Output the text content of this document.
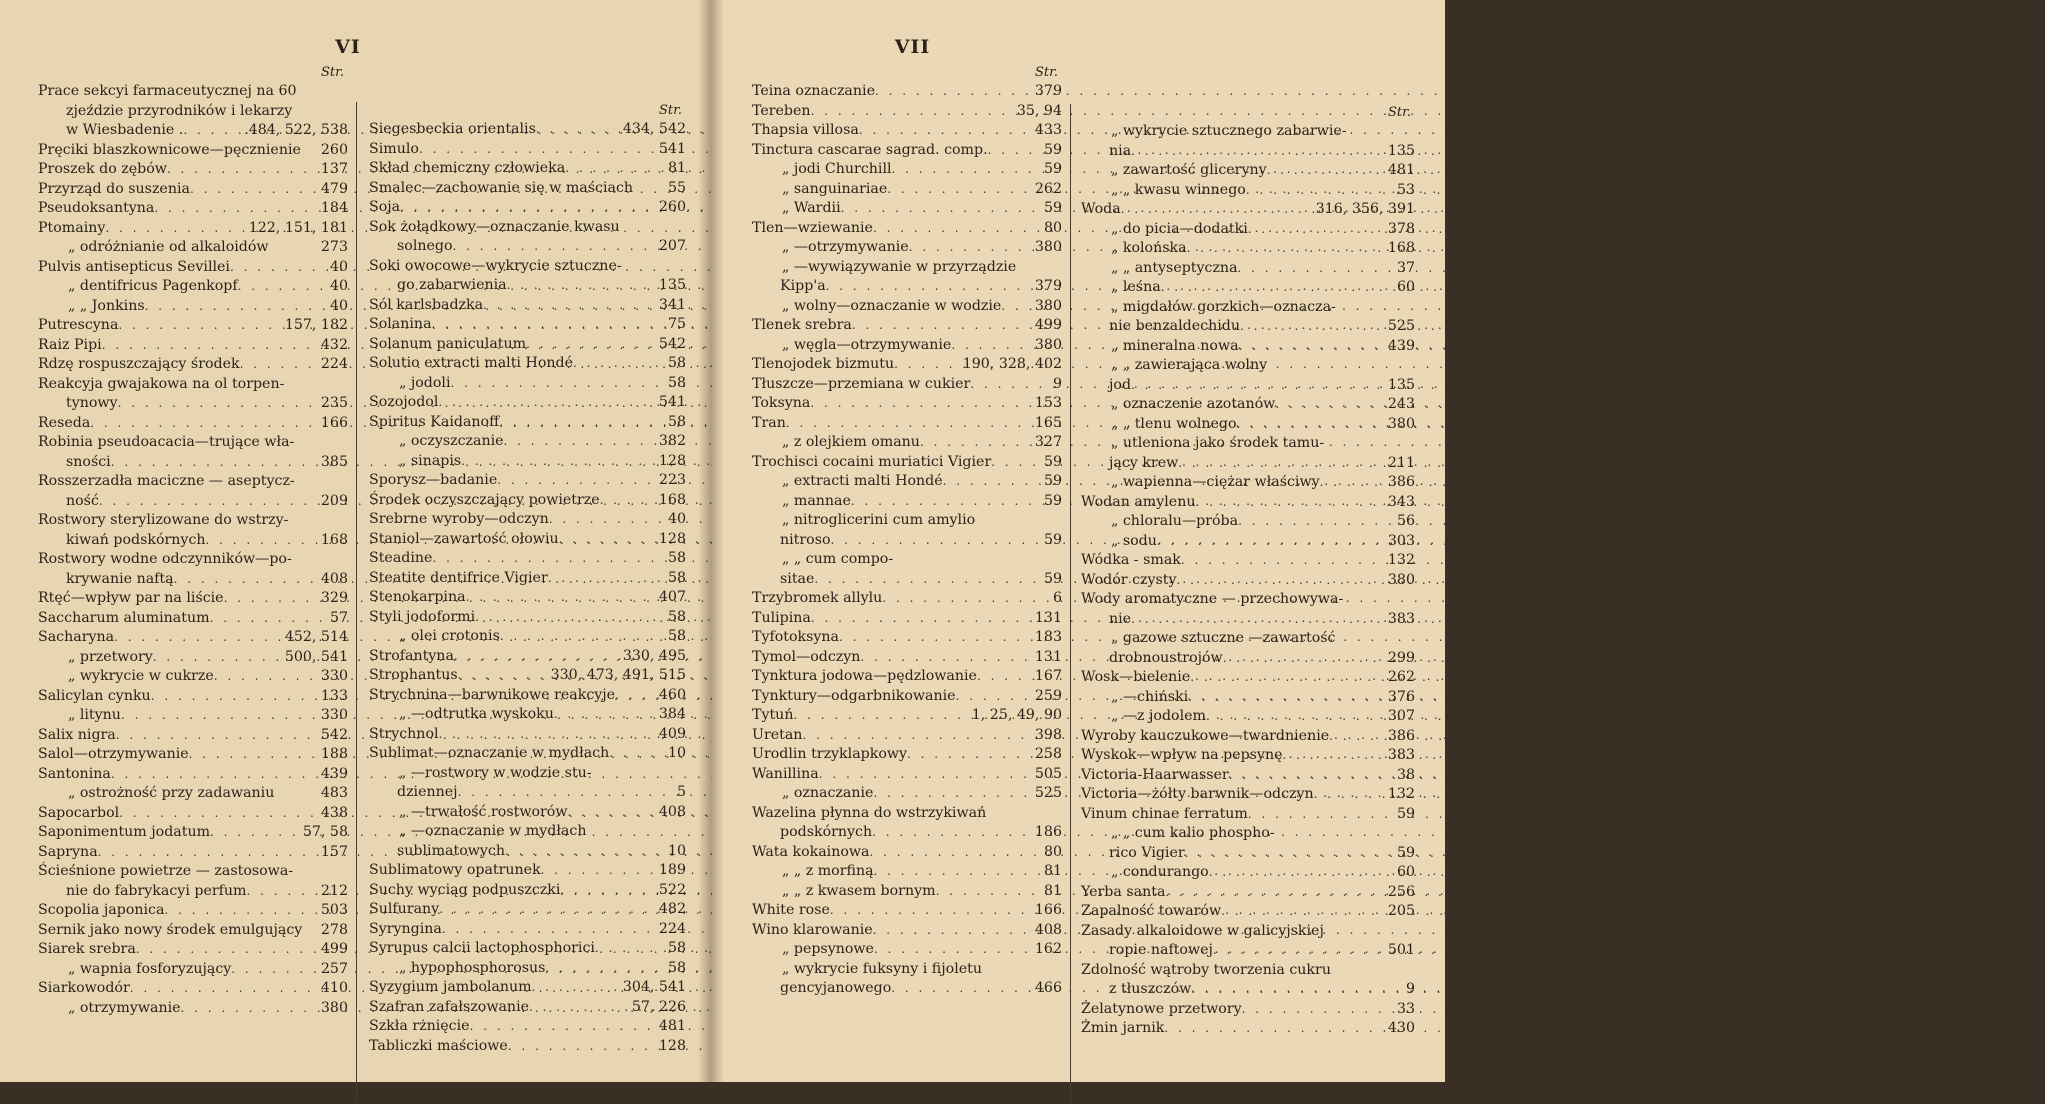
VI
Str.
Prace sekcyi farmaceutycznej na 60
zjeździe przyrodników i lekarzy
w Wiesbadenie . . . .	.484, 522, 538
Pręciki blaszkownicowe—pęcznienie 260
Proszek do zębów . . .	137
Przyrząd do suszenia . . .	479
Pseudoksantyna . . .	184
Ptomainy . . .	122, 151, 181
„ odróżnianie od alkaloidów	273
Pulvis antisepticus Sevillei . . .	40
„ dentifricus Pagenkopf . . .	40
„ „ Jonkins . . .	40
Putrescyna . . .	157, 182
Raiz Pipi . . .	432
Rdzę rospuszczający środek . . .	224
Reakcyja gwajakowa na ol torpen-
tynowy . . .	235
Reseda . . .	166
Robinia pseudoacacia—trujące wła-
sności . . .	385
Rosszerzadła maciczne — aseptycz-
ność . . .	209
Rostwory sterylizowane do wstrzy-
kiwań podskórnych . . .	168
Rostwory wodne odczynników—po-
krywanie naftą . . .	408
Rtęć—wpływ par na liście . . .	329
Saccharum aluminatum . . .	57
Sacharyna . . .	452, 514
„ przetwory . . .	500, 541
„ wykrycie w cukrze . . .	330
Salicylan cynku . . .	133
„ litynu . . .	330
Salix nigra . . .	542
Salol—otrzymywanie . . .	188
Santonina . . .	439
„ ostrożność przy zadawaniu	483
Sapocarbol . . .	438
Saponimentum jodatum . . .	57, 58
Sapryna . . .	157
Ścieśnione powietrze — zastosowa-
nie do fabrykacyi perfum . . .	212
Scopolia japonica . . .	503
Sernik jako nowy środek emulgujący 278
Siarek srebra . . .	499
„ wapnia fosforyzujący . . .	257
Siarkowodór . . .	410
„ otrzymywanie . . .	380
Str.
Siegesbeckia orientalis . . .	434, 542
Simulo . . .	541
Skład chemiczny człowieka . . .	81
Smalec—zachowanie się w maściach 55
Soja . . .	260
Sok żołądkowy—oznaczanie kwasu
solnego . . .	207
Soki owocowe—wykrycie sztuczne-
go zabarwienia . . .	135
Sól karlsbadzka . . .	341
Solanina . . .	75
Solanum paniculatum . . .	542
Solutio extracti malti Hondé . . .	58
„ jodoli . . .	58
Sozojodol . . .	541
Spiritus Kaidanoff . . .	58
„ oczyszczanie . . .	382
„ sinapis . . .	128
Sporysz—badanie . . .	223
Środek oczyszczający powietrze . . .	168
Srebrne wyroby—odczyn . . .	40
Staniol—zawartość ołowiu . . .	128
Steadine . . .	58
Steatite dentifrice Vigier . . .	58
Stenokarpina . . .	407
Styli jodoformi . . .	58
„ olei crotonis . . .	58
Strofantyna . . .	330, 495
Strophantus . . .	330, 473, 491, 515
Strychnina—barwnikowe reakcyje . . .	460
„ —odtrutka wyskoku . . .	384
Strychnol . . .	409
Sublimat—oznaczanie w mydłach . . .	10
„ —rostwory w wodzie stu-
dziennej . . .	5
„ —trwałość rostworów . . .	408
„ —oznaczanie w mydłach
sublimatowych . . .	10
Sublimatowy opatrunek . . .	189
Suchy wyciąg podpuszczki . . .	522
Sulfurany . . .	482
Syryngina . . .	224
Syrupus calcii lactophosphorici . . .	58
„ hypophosphorosus . . .	58
Syzygium jambolanum . . .	304, 541
Szafran zafałszowanie . . .	57, 226
Szkła rżnięcie . . .	481
Tabliczki maściowe . . .	128
VII
Str.
Teina oznaczanie . . .	379
Tereben . . .	35, 94
Thapsia villosa . . .	433
Tinctura cascarae sagrad. comp. . . .	59
„ jodi Churchill . . .	59
„ sanguinariae . . .	262
„ Wardii . . .	59
Tlen—wziewanie . . .	80
„ —otrzymywanie . . .	380
„ —wywiązywanie w przyrządzie
Kipp'a . . .	379
„ wolny—oznaczanie w wodzie . . . 380
Tlenek srebra . . .	499
„ węgla—otrzymywanie . . .	380
Tlenojodek bizmutu . . .	190, 328, 402
Tłuszcze—przemiana w cukier . . .	9
Toksyna . . .	153
Tran . . .	165
„ z olejkiem omanu . . .	327
Trochisci cocaini muriatici Vigier . . .	59
„ extracti malti Hondé . . .	59
„ mannae . . .	59
„ nitroglicerini cum amylio
nitroso . . .	59
„ „ cum compo-
sitae . . .	59
Trzybromek allylu . . .	6
Tulipina . . .	131
Tyfotoksyna . . .	183
Tymol—odczyn . . .	131
Tynktura jodowa—pędzlowanie . . .	167
Tynktury—odgarbnikowanie . . .	259
Tytuń . . .	1, 25, 49, 90
Uretan . . .	398
Urodlin trzyklapkowy . . .	258
Wanillina . . .	505
„ oznaczanie . . .	525
Wazelina płynna do wstrzykiwań
podskórnych . . .	186
Wata kokainowa . . .	80
„ „ z morfiną . . .	81
„ „ z kwasem bornym . . .	81
White rose . . .	166
Wino klarowanie . . .	408
„ pepsynowe . . .	162
„ wykrycie fuksyny i fijoletu
gencyjanowego . . .	466
Str.
„ wykrycie sztucznego zabarwie-
nia . . .	135
„ zawartość gliceryny . . .	481
„ „ kwasu winnego . . .	53
Woda . . .	316, 356, 391
„ do picia—dodatki . . .	378
„ kolońska . . .	168
„ „ antyseptyczna . . .	37
„ leśna . . .	60
„ migdałów gorzkich—oznacza-
nie benzaldechidu . . .	525
„ mineralna nowa . . .	439
„ „ zawierająca wolny
jod . . .	135
„ oznaczenie azotanów . . .	243
„ „ tlenu wolnego . . .	380
„ utleniona jako środek tamu-
jący krew . . .	211
„ wapienna—ciężar właściwy . . .	386
Wodan amylenu . . .	343
„ chloralu—próba . . .	56
„ sodu . . .	303
Wódka - smak . . .	132
Wodór czysty . . .	380
Wody aromatyczne — przechowywa-
nie . . .	383
„ gazowe sztuczne —zawartość
drobnoustrojów . . .	299
Wosk—bielenie . . .	262
„ —chiński . . .	376
„ —z jodolem . . .	307
Wyroby kauczukowe—twardnienie . . .	386
Wyskok—wpływ na pepsynę . . .	383
Victoria-Haarwasser . . .	38
Victoria—żółty barwnik—odczyn . . .	132
Vinum chinae ferratum . . .	59
„ „ cum kalio phospho-
rico Vigier . . .	59
„ condurango . . .	60
Yerba santa . . .	256
Zapalność towarów . . .	205
Zasady alkaloidowe w galicyjskiej
ropie naftowej . . .	501
Zdolność wątroby tworzenia cukru
z tłuszczów . . .	9
Żelatynowe przetwory . . .	33
Żmin jarnik . . .	430
